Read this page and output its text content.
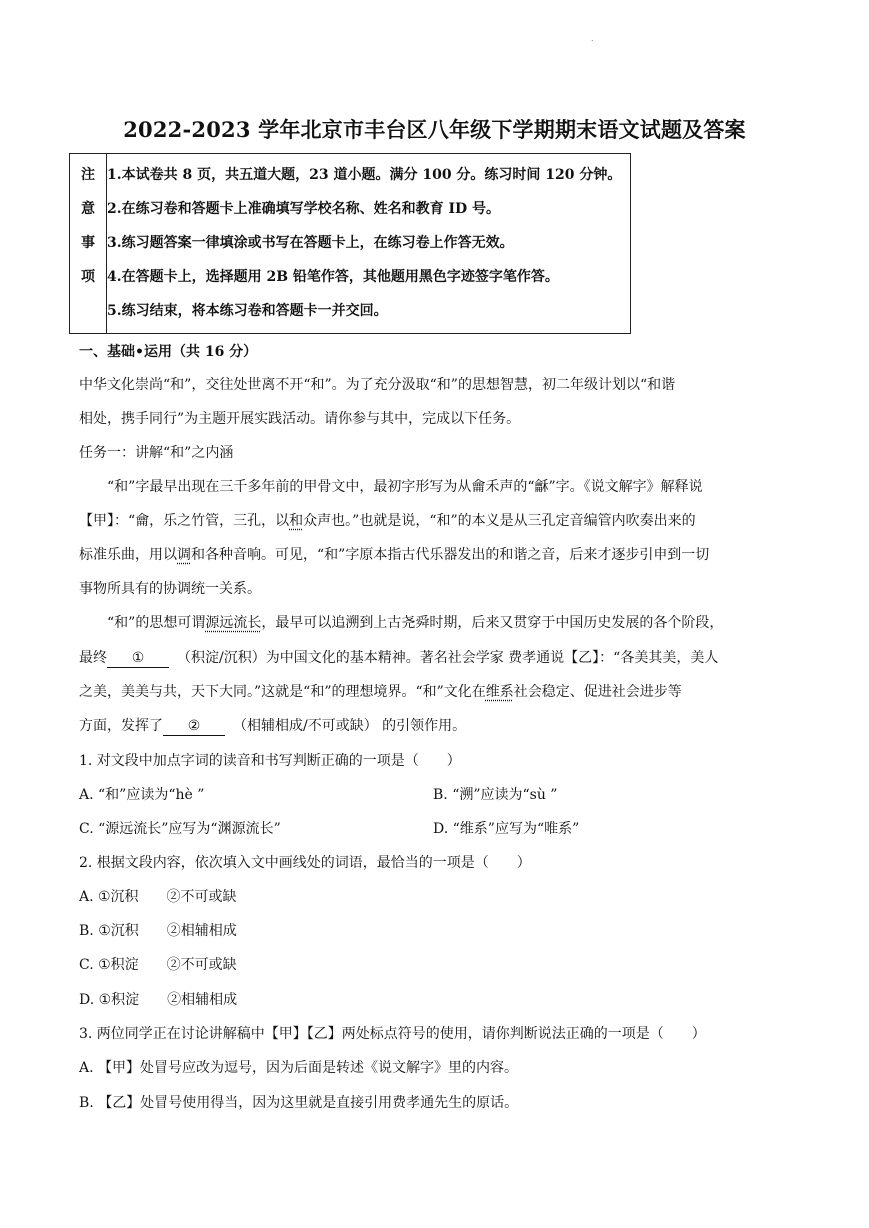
.
2022-2023 学年北京市丰台区八年级下学期期末语文试题及答案
注
意
事
项

1.本试卷共 8 页，共五道大题，23 道小题。满分 100 分。练习时间 120 分钟。
2.在练习卷和答题卡上准确填写学校名称、姓名和教育 ID 号。
3.练习题答案一律填涂或书写在答题卡上，在练习卷上作答无效。
4.在答题卡上，选择题用 2B 铅笔作答，其他题用黑色字迹签字笔作答。
5.练习结束，将本练习卷和答题卡一并交回。
一、基础•运用（共 16 分）
中华文化崇尚“和”，交往处世离不开“和”。为了充分汲取“和”的思想智慧，初二年级计划以“和谐
相处，携手同行”为主题开展实践活动。请你参与其中，完成以下任务。
任务一：讲解“和”之内涵
“和”字最早出现在三千多年前的甲骨文中，最初字形写为从龠禾声的“龢”字。《说文解字》解释说
【甲】：“龠，乐之竹管，三孔，以和众声也。”也就是说，“和”的本义是从三孔定音编管内吹奏出来的
标准乐曲，用以调和各种音响。可见，“和”字原本指古代乐器发出的和谐之音，后来才逐步引申到一切
事物所具有的协调统一关系。
“和”的思想可谓源远流长，最早可以追溯到上古尧舜时期，后来又贯穿于中国历史发展的各个阶段，
最终 ① （积淀/沉积）为中国文化的基本精神。著名社会学家 费孝通说【乙】：“各美其美，美人
之美，美美与共，天下大同。”这就是“和”的理想境界。“和”文化在维系社会稳定、促进社会进步等
方面，发挥了 ② （相辅相成/不可或缺） 的引领作用。
1. 对文段中加点字词的读音和书写判断正确的一项是（　　）
A. “和”应读为“hè ”	B. “溯”应读为“sù ”
C. “源远流长”应写为“渊源流长”	D. “维系”应写为“唯系”
2. 根据文段内容，依次填入文中画线处的词语，最恰当的一项是（　　）
A. ①沉积　　②不可或缺
B. ①沉积　　②相辅相成
C. ①积淀　　②不可或缺
D. ①积淀　　②相辅相成
3. 两位同学正在讨论讲解稿中【甲】【乙】两处标点符号的使用，请你判断说法正确的一项是（　　）
A. 【甲】处冒号应改为逗号，因为后面是转述《说文解字》里的内容。
B. 【乙】处冒号使用得当，因为这里就是直接引用费孝通先生的原话。
